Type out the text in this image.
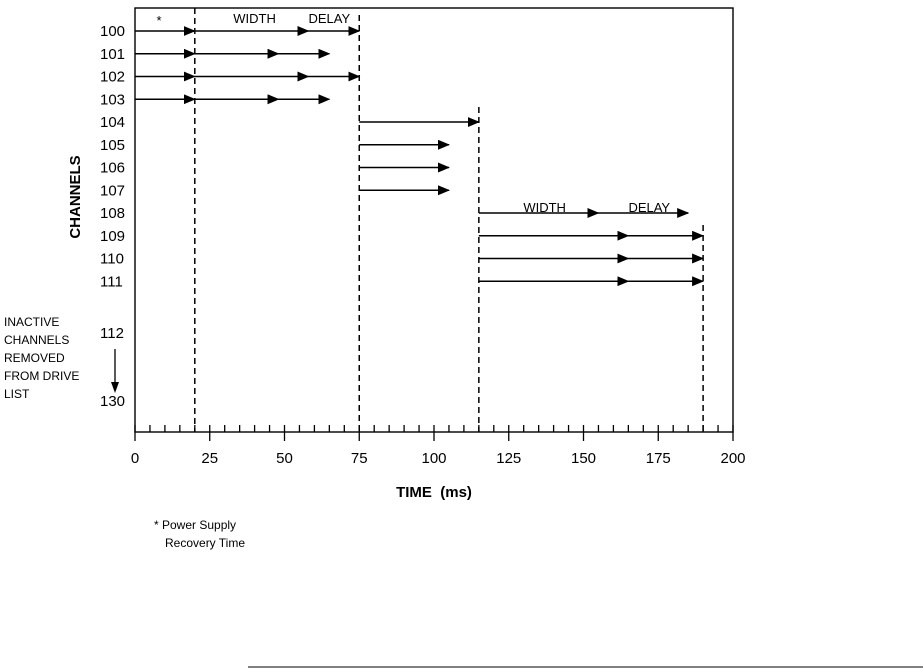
100
101
102
103
104
105
106
107
108
109
110
111
0	25	50	75	100	125	150	175	200
WIDTH	DELAY
WIDTH	DELAY
*
CHANNELS
TIME  (ms)
INACTIVE
CHANNELS
REMOVED
FROM DRIVE
LIST
112
130
* Power Supply
Recovery Time
